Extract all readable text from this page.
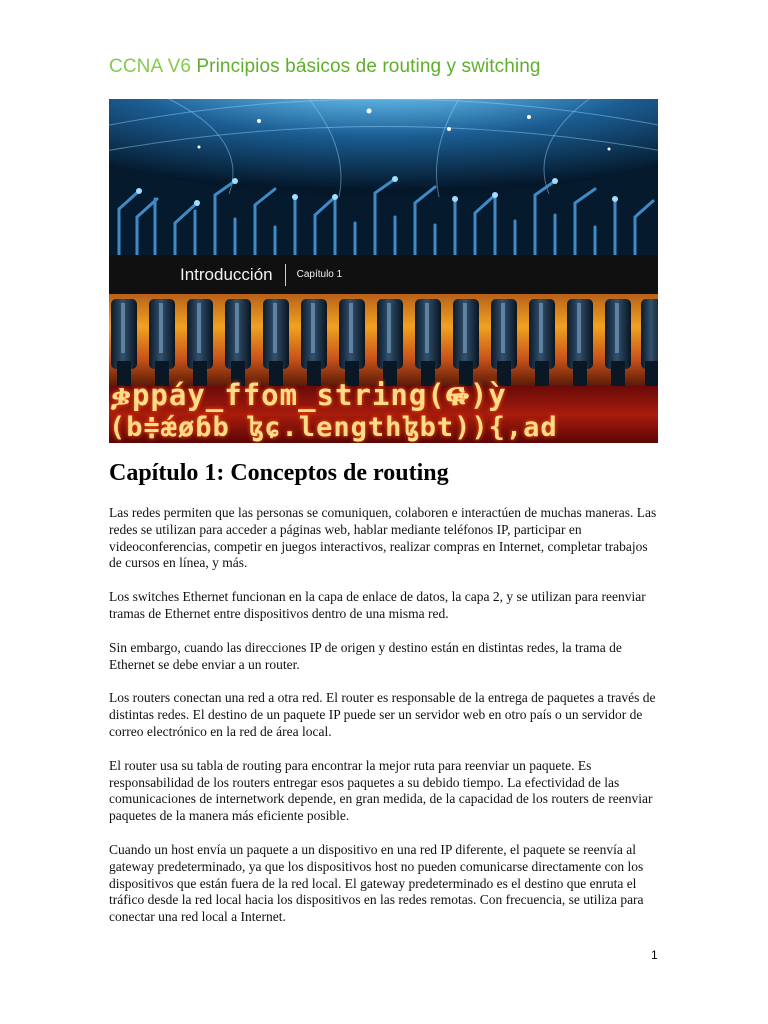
CCNA V6 Principios básicos de routing y switching
Introducción Capítulo 1
ቌppáy_ffom_string(ᎋ)ỳ
(b≑ǽøɓb ɮɕ.lengthɮbt)){,ad
Capítulo 1: Conceptos de routing

Las redes permiten que las personas se comuniquen, colaboren e interactúen de muchas maneras. Las redes se utilizan para acceder a páginas web, hablar mediante teléfonos IP, participar en videoconferencias, competir en juegos interactivos, realizar compras en Internet, completar trabajos de cursos en línea, y más.

Los switches Ethernet funcionan en la capa de enlace de datos, la capa 2, y se utilizan para reenviar tramas de Ethernet entre dispositivos dentro de una misma red.

Sin embargo, cuando las direcciones IP de origen y destino están en distintas redes, la trama de Ethernet se debe enviar a un router.

Los routers conectan una red a otra red. El router es responsable de la entrega de paquetes a través de distintas redes. El destino de un paquete IP puede ser un servidor web en otro país o un servidor de correo electrónico en la red de área local.

El router usa su tabla de routing para encontrar la mejor ruta para reenviar un paquete. Es responsabilidad de los routers entregar esos paquetes a su debido tiempo. La efectividad de las comunicaciones de internetwork depende, en gran medida, de la capacidad de los routers de reenviar paquetes de la manera más eficiente posible.

Cuando un host envía un paquete a un dispositivo en una red IP diferente, el paquete se reenvía al gateway predeterminado, ya que los dispositivos host no pueden comunicarse directamente con los dispositivos que están fuera de la red local. El gateway predeterminado es el destino que enruta el tráfico desde la red local hacia los dispositivos en las redes remotas. Con frecuencia, se utiliza para conectar una red local a Internet.

1
